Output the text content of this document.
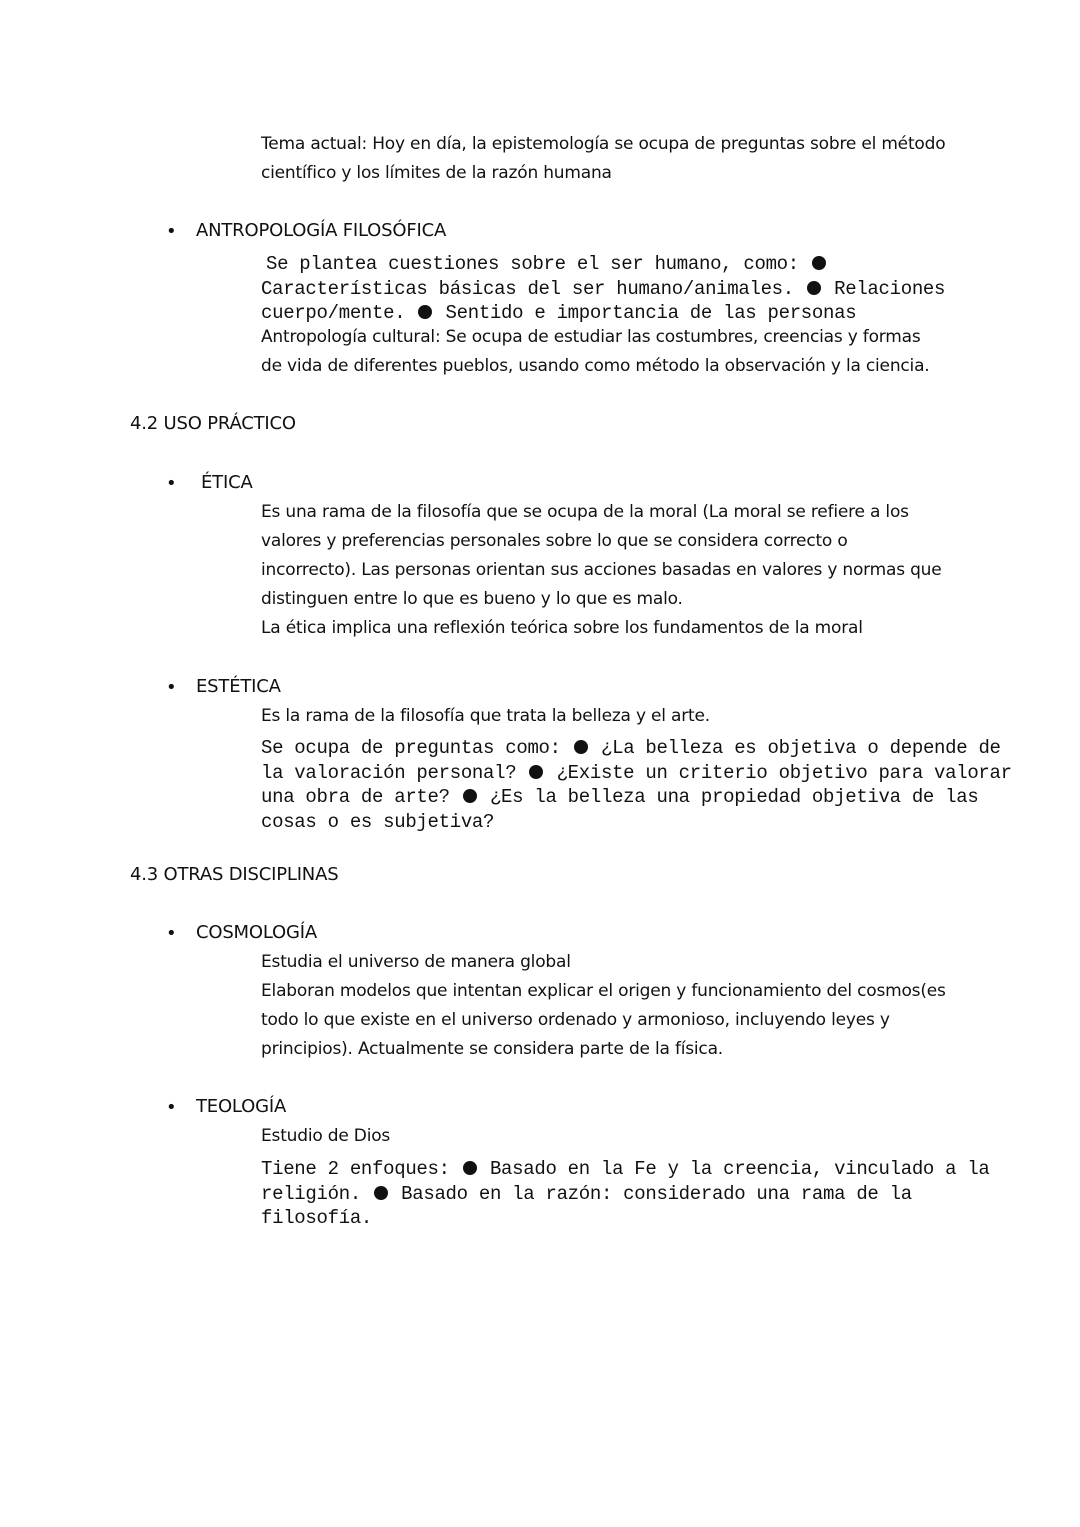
Tema actual: Hoy en día, la epistemología se ocupa de preguntas sobre el método

científico y los límites de la razón humana

• ANTROPOLOGÍA FILOSÓFICA

Se plantea cuestiones sobre el ser humano, como:

Características básicas del ser humano/animales. Relaciones

cuerpo/mente. Sentido e importancia de las personas

Antropología cultural: Se ocupa de estudiar las costumbres, creencias y formas

de vida de diferentes pueblos, usando como método la observación y la ciencia.

4.2 USO PRÁCTICO

• ÉTICA

Es una rama de la filosofía que se ocupa de la moral (La moral se refiere a los

valores y preferencias personales sobre lo que se considera correcto o

incorrecto). Las personas orientan sus acciones basadas en valores y normas que

distinguen entre lo que es bueno y lo que es malo.

La ética implica una reflexión teórica sobre los fundamentos de la moral

• ESTÉTICA

Es la rama de la filosofía que trata la belleza y el arte.

Se ocupa de preguntas como: ¿La belleza es objetiva o depende de

la valoración personal? ¿Existe un criterio objetivo para valorar

una obra de arte? ¿Es la belleza una propiedad objetiva de las

cosas o es subjetiva?

4.3 OTRAS DISCIPLINAS

• COSMOLOGÍA

Estudia el universo de manera global

Elaboran modelos que intentan explicar el origen y funcionamiento del cosmos(es

todo lo que existe en el universo ordenado y armonioso, incluyendo leyes y

principios). Actualmente se considera parte de la física.

• TEOLOGÍA

Estudio de Dios

Tiene 2 enfoques: Basado en la Fe y la creencia, vinculado a la

religión. Basado en la razón: considerado una rama de la

filosofía.
